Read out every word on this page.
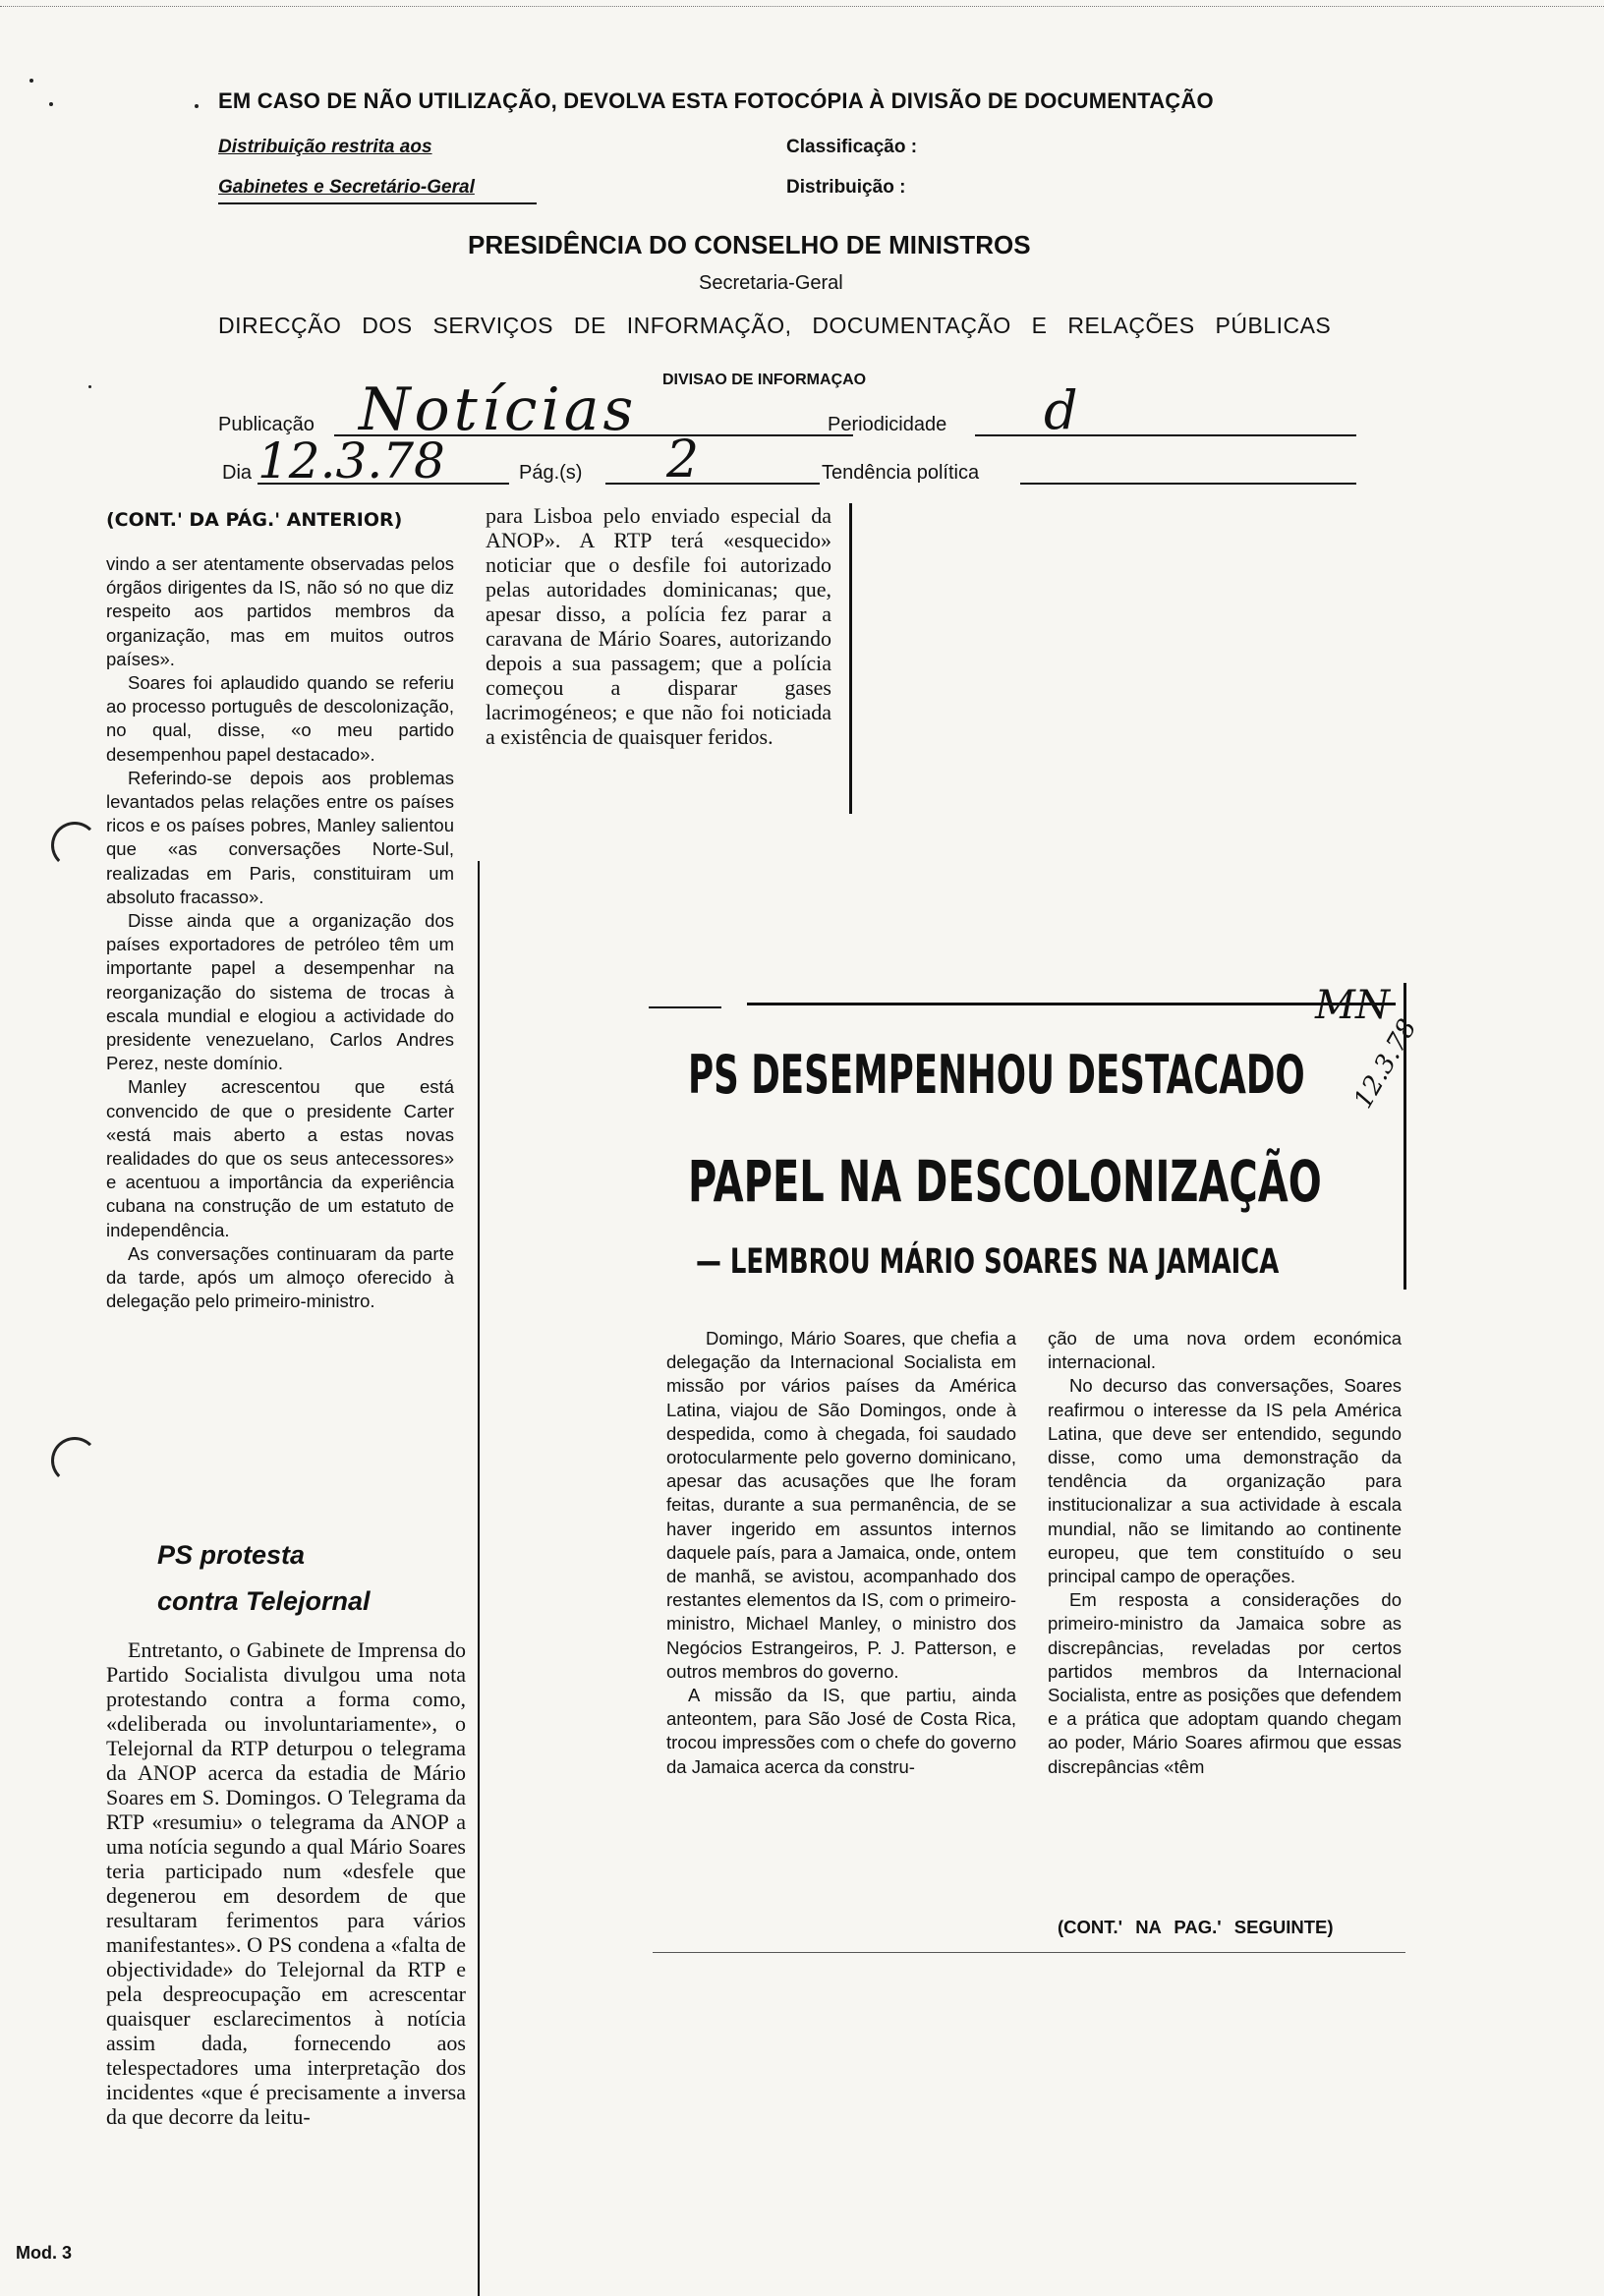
EM CASO DE NÃO UTILIZAÇÃO, DEVOLVA ESTA FOTOCÓPIA À DIVISÃO DE DOCUMENTAÇÃO
Distribuição restrita aos
Gabinetes e Secretário-Geral
Classificação :
Distribuição :
PRESIDÊNCIA DO CONSELHO DE MINISTROS
Secretaria-Geral
DIRECÇÃO DOS SERVIÇOS DE INFORMAÇÃO, DOCUMENTAÇÃO E RELAÇÕES PÚBLICAS
DIVISAO DE INFORMAÇAO
Publicação Notícias	Periodicidade d
Dia 12.3.78	Pág.(s) 2	Tendência política
(CONT.' DA PÁG.' ANTERIOR)

vindo a ser atentamente observadas pelos órgãos dirigentes da IS, não só no que diz respeito aos partidos membros da organização, mas em muitos outros países».

Soares foi aplaudido quando se referiu ao processo português de descolonização, no qual, disse, «o meu partido desempenhou papel destacado».

Referindo-se depois aos problemas levantados pelas relações entre os países ricos e os países pobres, Manley salientou que «as conversações Norte-Sul, realizadas em Paris, constituiram um absoluto fracasso».

Disse ainda que a organização dos países exportadores de petróleo têm um importante papel a desempenhar na reorganização do sistema de trocas à escala mundial e elogiou a actividade do presidente venezuelano, Carlos Andres Perez, neste domínio.

Manley acrescentou que está convencido de que o presidente Carter «está mais aberto a estas novas realidades do que os seus antecessores» e acentuou a importância da experiência cubana na construção de um estatuto de independência.

As conversações continuaram da parte da tarde, após um almoço oferecido à delegação pelo primeiro-ministro.

PS protesta
contra Telejornal

Entretanto, o Gabinete de Imprensa do Partido Socialista divulgou uma nota protestando contra a forma como, «deliberada ou involuntariamente», o Telejornal da RTP deturpou o telegrama da ANOP acerca da estadia de Mário Soares em S. Domingos. O Telegrama da RTP «resumiu» o telegrama da ANOP a uma notícia segundo a qual Mário Soares teria participado num «desfele que degenerou em desordem de que resultaram ferimentos para vários manifestantes». O PS condena a «falta de objectividade» do Telejornal da RTP e pela despreocupação em acrescentar quaisquer esclarecimentos à notícia assim dada, fornecendo aos telespectadores uma interpretação dos incidentes «que é precisamente a inversa da que decorre da leitu-

para Lisboa pelo enviado especial da ANOP». A RTP terá «esquecido» noticiar que o desfile foi autorizado pelas autoridades dominicanas; que, apesar disso, a polícia fez parar a caravana de Mário Soares, autorizando depois a sua passagem; que a polícia começou a disparar gases lacrimogéneos; e que não foi noticiada a existência de quaisquer feridos.

PS DESEMPENHOU DESTACADO
PAPEL NA DESCOLONIZAÇÃO
— LEMBROU MÁRIO SOARES NA JAMAICA
MN
12.3.78

Domingo, Mário Soares, que chefia a delegação da Internacional Socialista em missão por vários países da América Latina, viajou de São Domingos, onde à despedida, como à chegada, foi saudado orotocularmente pelo governo dominicano, apesar das acusações que lhe foram feitas, durante a sua permanência, de se haver ingerido em assuntos internos daquele país, para a Jamaica, onde, ontem de manhã, se avistou, acompanhado dos restantes elementos da IS, com o primeiro-ministro, Michael Manley, o ministro dos Negócios Estrangeiros, P. J. Patterson, e outros membros do governo.

A missão da IS, que partiu, ainda anteontem, para São José de Costa Rica, trocou impressões com o chefe do governo da Jamaica acerca da constru-

ção de uma nova ordem económica internacional.

No decurso das conversações, Soares reafirmou o interesse da IS pela América Latina, que deve ser entendido, segundo disse, como uma demonstração da tendência da organização para institucionalizar a sua actividade à escala mundial, não se limitando ao continente europeu, que tem constituído o seu principal campo de operações.

Em resposta a considerações do primeiro-ministro da Jamaica sobre as discrepâncias, reveladas por certos partidos membros da Internacional Socialista, entre as posições que defendem e a prática que adoptam quando chegam ao poder, Mário Soares afirmou que essas discrepâncias «têm

(CONT.' NA PAG.' SEGUINTE)
Mod. 3
